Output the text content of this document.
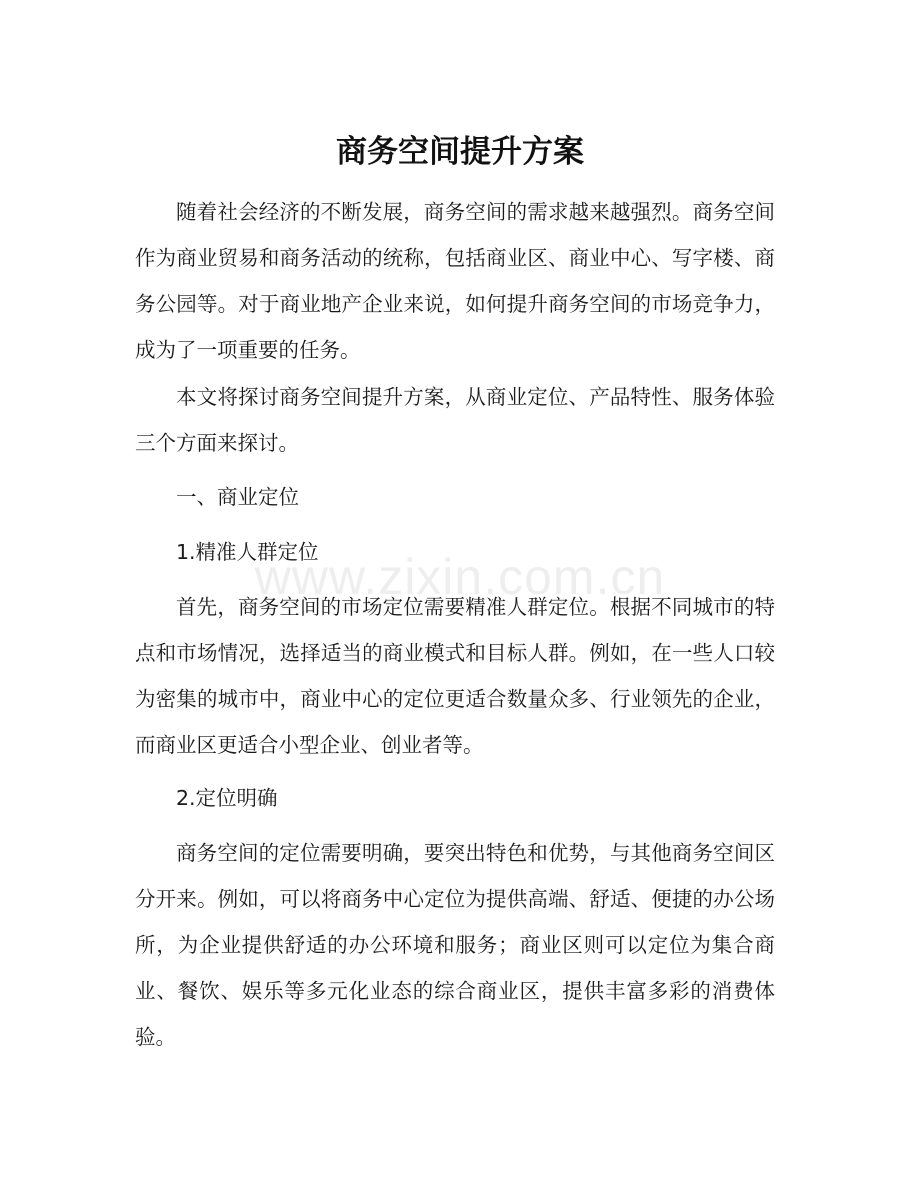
商务空间提升方案

随着社会经济的不断发展，商务空间的需求越来越强烈。商务空间作为商业贸易和商务活动的统称，包括商业区、商业中心、写字楼、商务公园等。对于商业地产企业来说，如何提升商务空间的市场竞争力，成为了一项重要的任务。

本文将探讨商务空间提升方案，从商业定位、产品特性、服务体验三个方面来探讨。

一、商业定位

1.精准人群定位

首先，商务空间的市场定位需要精准人群定位。根据不同城市的特点和市场情况，选择适当的商业模式和目标人群。例如，在一些人口较为密集的城市中，商业中心的定位更适合数量众多、行业领先的企业，而商业区更适合小型企业、创业者等。

2.定位明确

商务空间的定位需要明确，要突出特色和优势，与其他商务空间区分开来。例如，可以将商务中心定位为提供高端、舒适、便捷的办公场所，为企业提供舒适的办公环境和服务；商业区则可以定位为集合商业、餐饮、娱乐等多元化业态的综合商业区，提供丰富多彩的消费体验。

www.zixin.com.cn
